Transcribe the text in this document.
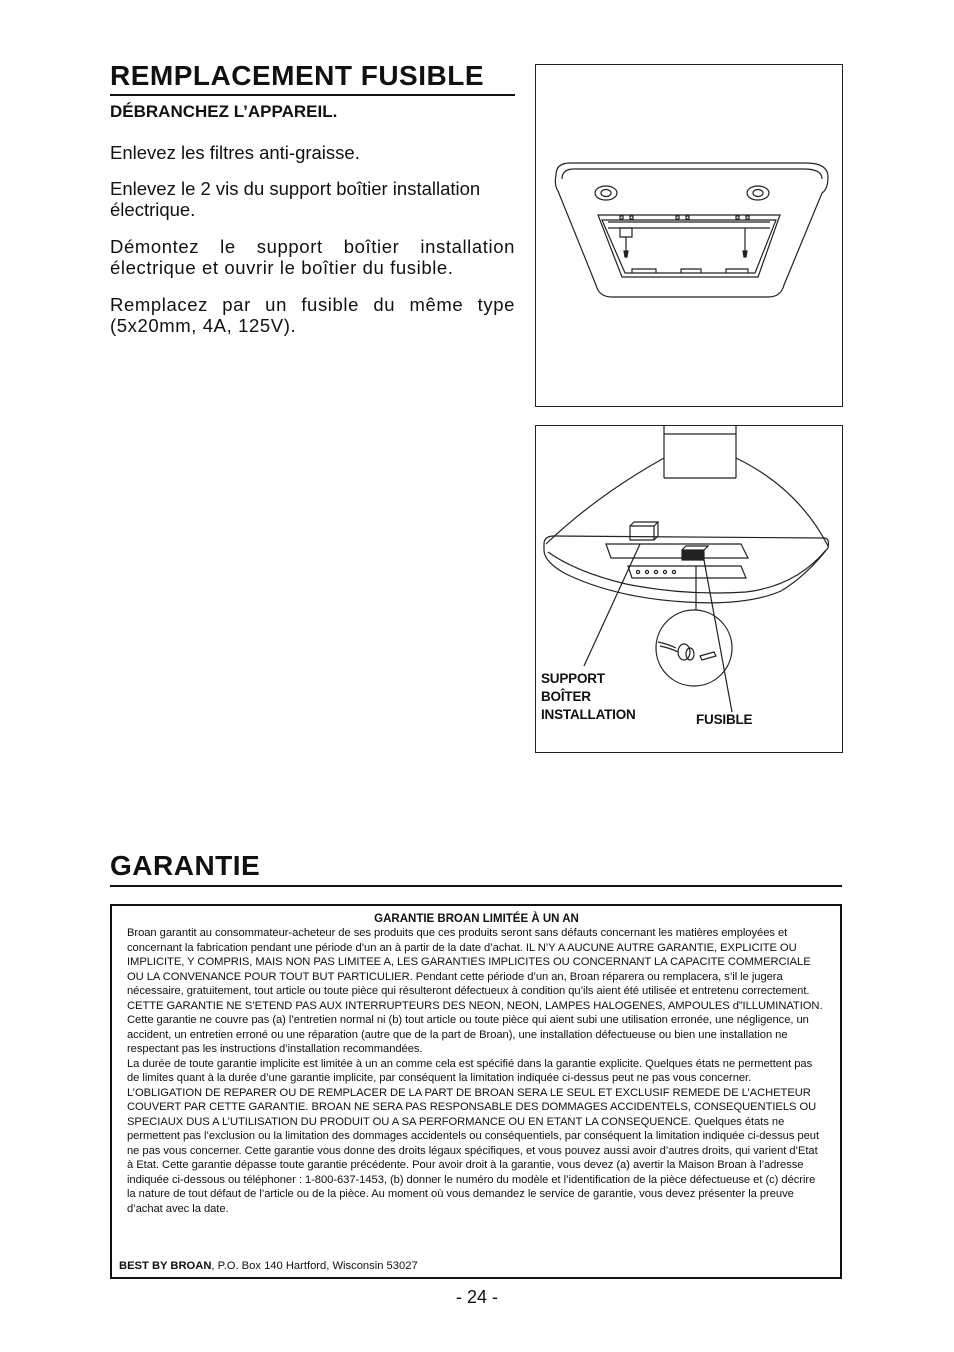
REMPLACEMENT FUSIBLE
DÉBRANCHEZ L’APPAREIL.

Enlevez les filtres anti-graisse.

Enlevez le 2 vis du support boîtier installation électrique.

Démontez le support boîtier installation électrique et ouvrir le boîtier du fusible.

Remplacez par un fusible du même type (5x20mm, 4A, 125V).

SUPPORT
BOÎTER
INSTALLATION	FUSIBLE
GARANTIE

GARANTIE BROAN LIMITÉE À UN AN

Broan garantit au consommateur-acheteur de ses produits que ces produits seront sans défauts concernant les matières employées et concernant la fabrication pendant une période d’un an à partir de la date d’achat. IL N’Y A AUCUNE AUTRE GARANTIE, EXPLICITE OU IMPLICITE, Y COMPRIS, MAIS NON PAS LIMITEE A, LES GARANTIES IMPLICITES OU CONCERNANT LA CAPACITE COMMERCIALE OU LA CONVENANCE POUR TOUT BUT PARTICULIER. Pendant cette période d’un an, Broan réparera ou remplacera, s’il le jugera nécessaire, gratuitement, tout article ou toute pièce qui résulteront défectueux à condition qu’ils aient été utilisée et entretenu correctement.

CETTE GARANTIE NE S’ETEND PAS AUX INTERRUPTEURS DES NEON, NEON, LAMPES HALOGENES, AMPOULES d”ILLUMINATION. Cette garantie ne couvre pas (a) l’entretien normal ni (b) tout article ou toute pièce qui aient subi une utilisation erronée, une négligence, un accident, un entretien erroné ou une réparation (autre que de la part de Broan), une installation défectueuse ou bien une installation ne respectant pas les instructions d’installation recommandées.

La durée de toute garantie implicite est limitée à un an comme cela est spécifié dans la garantie explicite. Quelques états ne permettent pas de limites quant à la durée d’une garantie implicite, par conséquent la limitation indiquée ci-dessus peut ne pas vous concerner.

L’OBLIGATION DE REPARER OU DE REMPLACER DE LA PART DE BROAN SERA LE SEUL ET EXCLUSIF REMEDE DE L’ACHETEUR COUVERT PAR CETTE GARANTIE. BROAN NE SERA PAS RESPONSABLE DES DOMMAGES ACCIDENTELS, CONSEQUENTIELS OU SPECIAUX DUS A L’UTILISATION DU PRODUIT OU A SA PERFORMANCE OU EN ETANT LA CONSEQUENCE. Quelques états ne permettent pas l’exclusion ou la limitation des dommages accidentels ou conséquentiels, par conséquent la limitation indiquée ci-dessus peut ne pas vous concerner. Cette garantie vous donne des droits légaux spécifiques, et vous pouvez aussi avoir d’autres droits, qui varient d’Etat à Etat. Cette garantie dépasse toute garantie précédente. Pour avoir droit à la garantie, vous devez (a) avertir la Maison Broan à l’adresse indiquée ci-dessous ou téléphoner : 1-800-637-1453, (b) donner le numéro du modèle et l’identification de la pièce défectueuse et (c) décrire la nature de tout défaut de l’article ou de la pièce. Au moment où vous demandez le service de garantie, vous devez présenter la preuve d’achat avec la date.

BEST BY BROAN, P.O. Box 140 Hartford, Wisconsin 53027
- 24 -
